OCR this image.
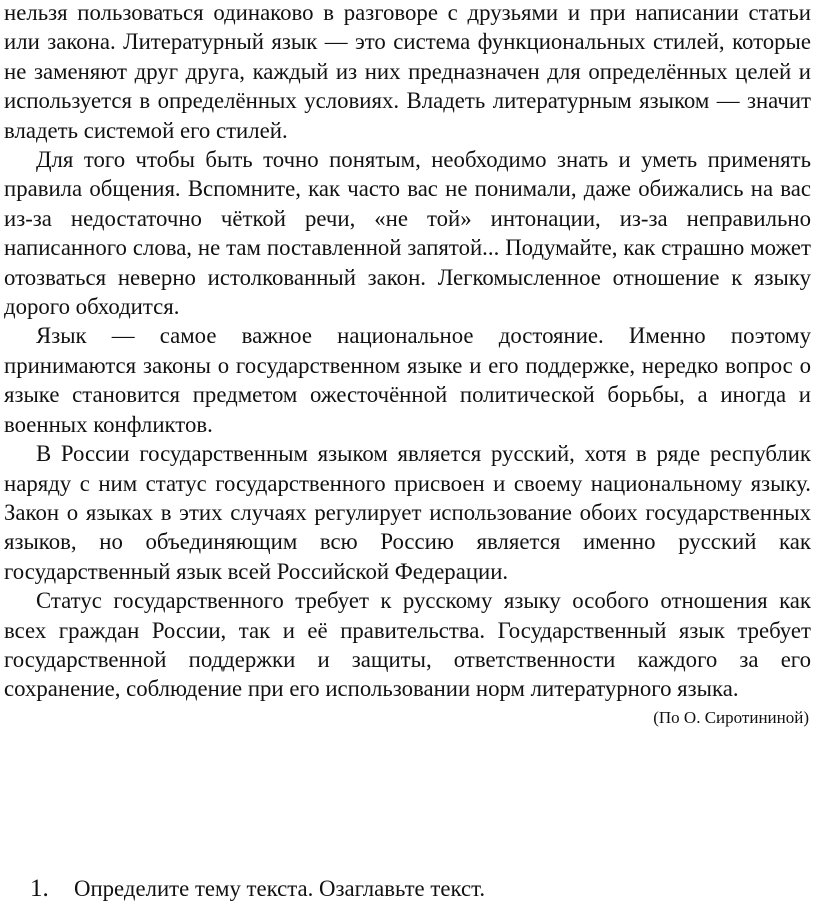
нельзя пользоваться одинаково в разговоре с друзьями и при написании статьи или закона. Литературный язык — это система функциональных стилей, которые не заменяют друг друга, каждый из них предназначен для определённых целей и используется в определённых условиях. Владеть литературным языком — значит владеть системой его стилей.

Для того чтобы быть точно понятым, необходимо знать и уметь применять правила общения. Вспомните, как часто вас не понимали, даже обижались на вас из-за недостаточно чёткой речи, «не той» интонации, из-за неправильно написанного слова, не там поставленной запятой... Подумайте, как страшно может отозваться неверно истолкованный закон. Легкомысленное отношение к языку дорого обходится.

Язык — самое важное национальное достояние. Именно поэтому принимаются законы о государственном языке и его поддержке, нередко вопрос о языке становится предметом ожесточённой политической борьбы, а иногда и военных конфликтов.

В России государственным языком является русский, хотя в ряде республик наряду с ним статус государственного присвоен и своему национальному языку. Закон о языках в этих случаях регулирует использование обоих государственных языков, но объединяющим всю Россию является именно русский как государственный язык всей Российской Федерации.

Статус государственного требует к русскому языку особого отношения как всех граждан России, так и её правительства. Государственный язык требует государственной поддержки и защиты, ответственности каждого за его сохранение, соблюдение при его использовании норм литературного языка.

(По О. Сиротининой)
1. Определите тему текста. Озаглавьте текст.
